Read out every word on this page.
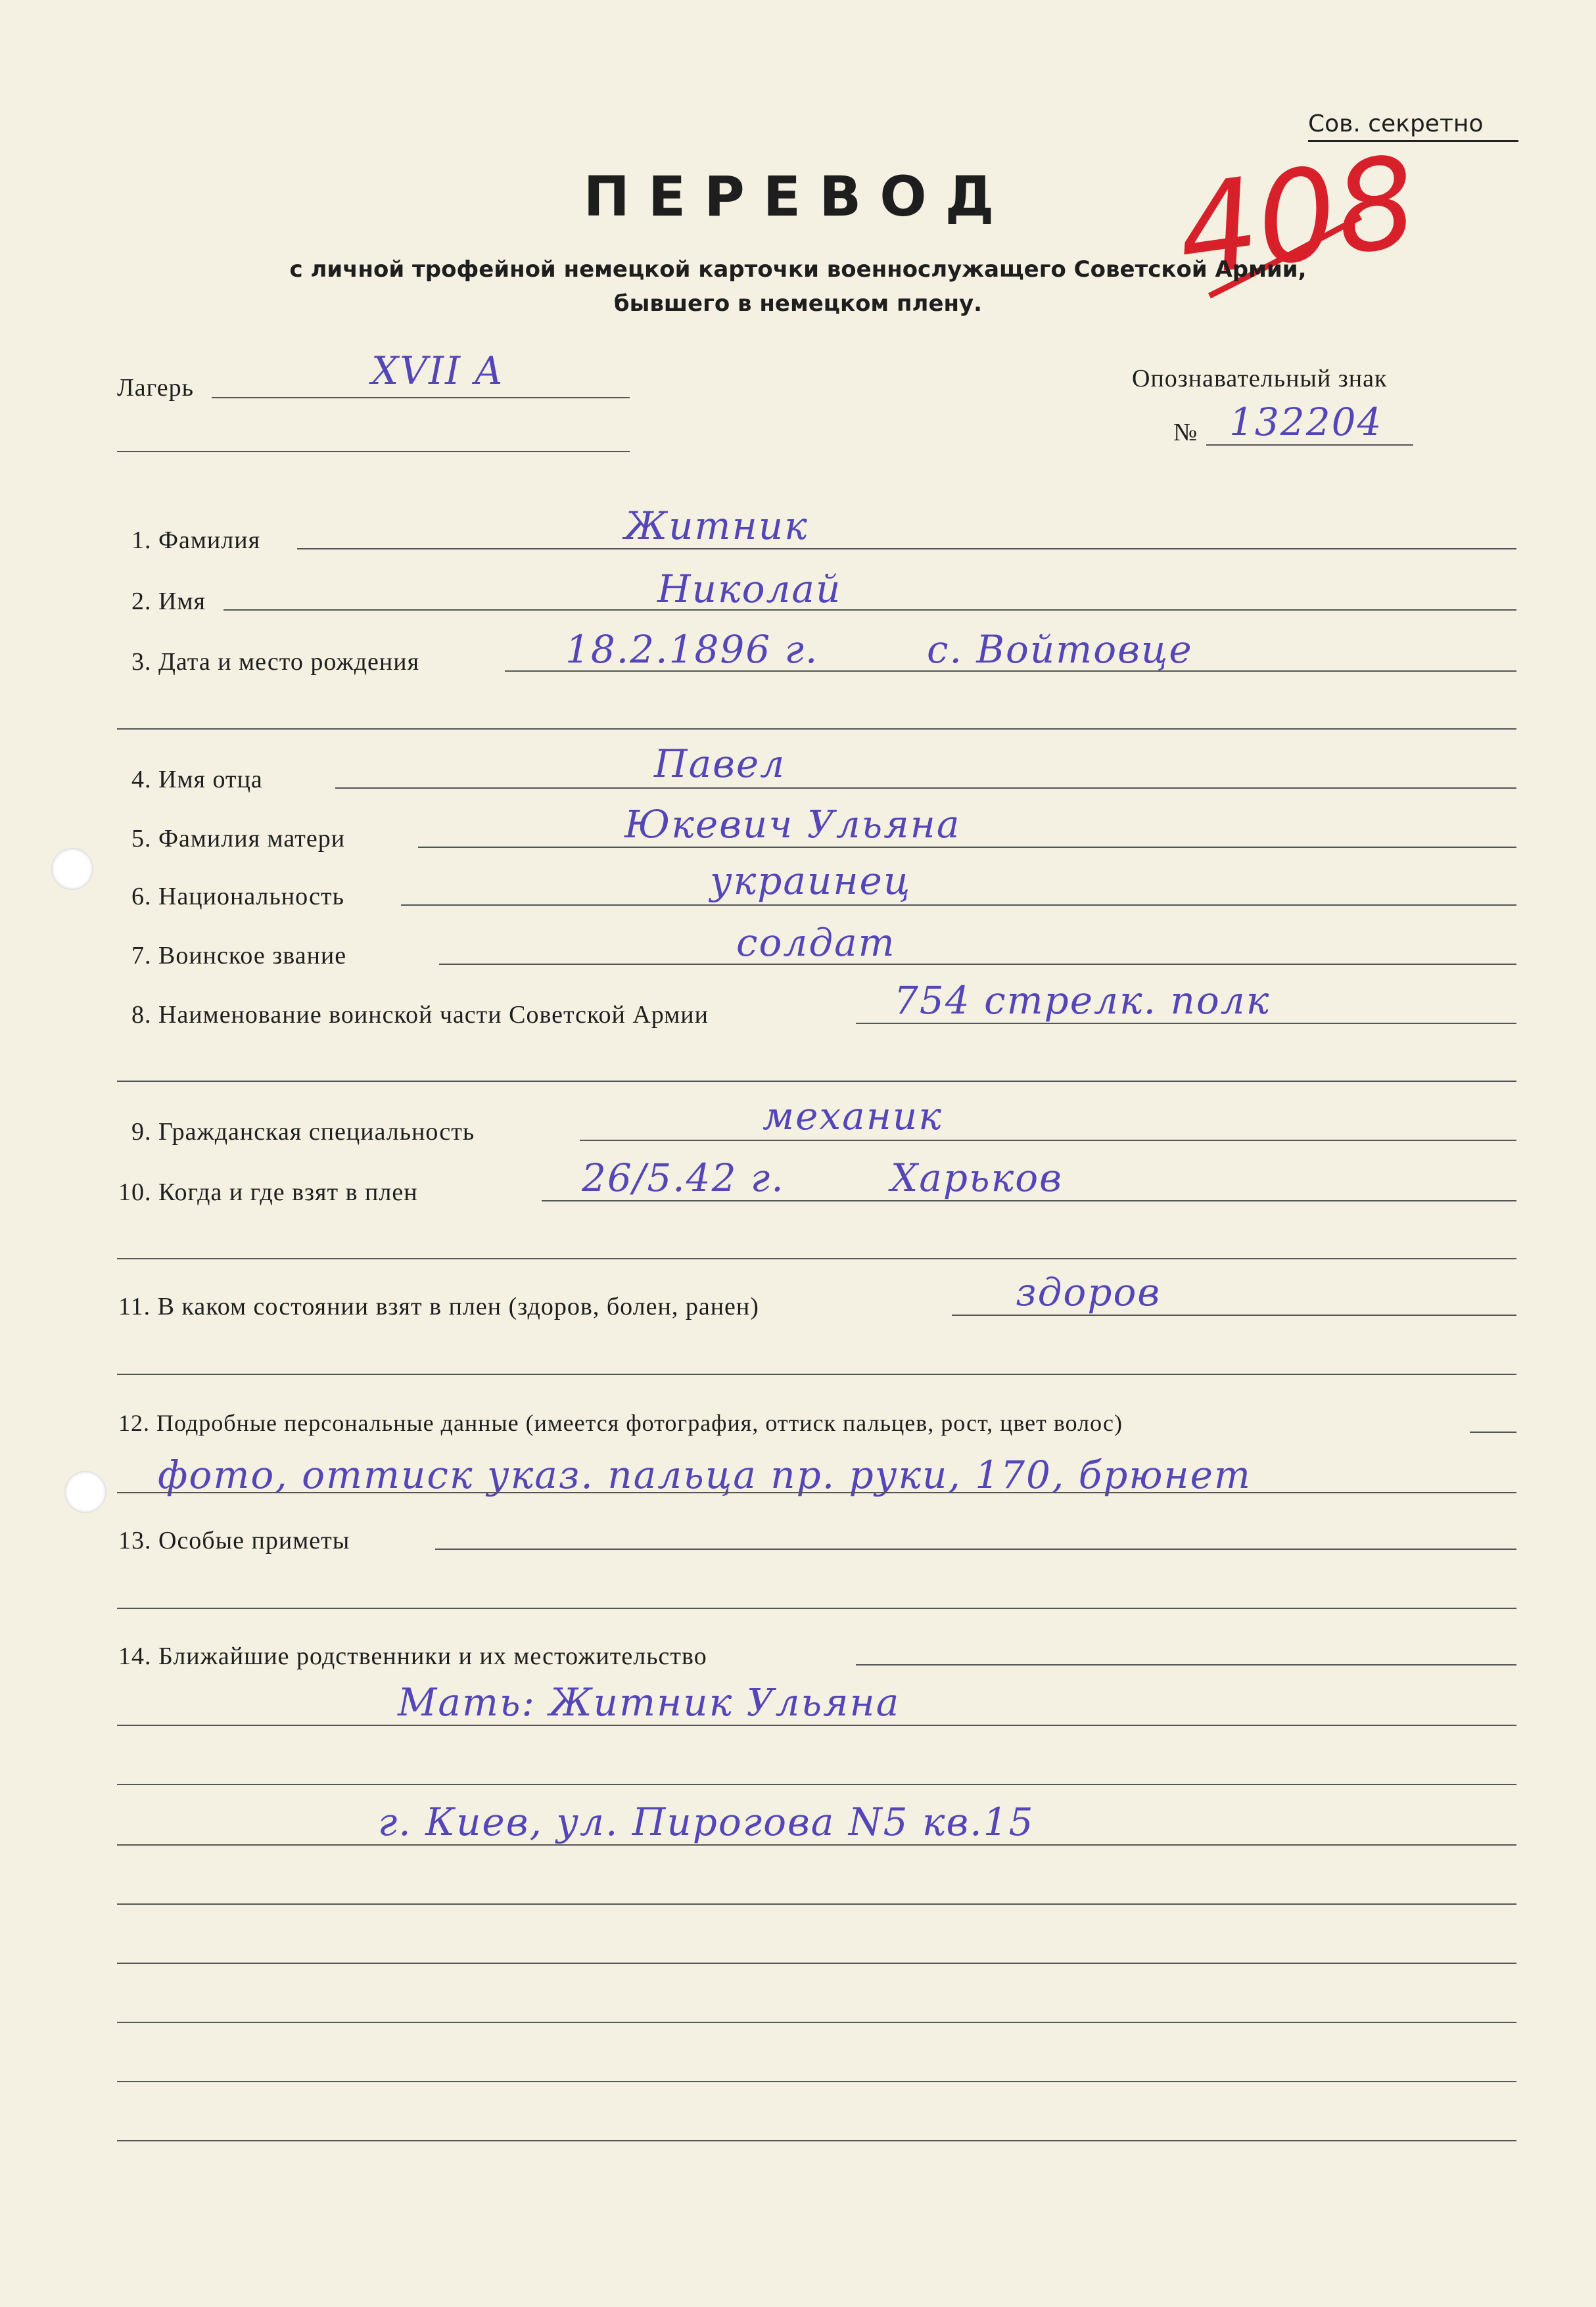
Сов. секретно
408
ПЕРЕВОД
с личной трофейной немецкой карточки военнослужащего Советской Армии,
бывшего в немецком плену.
Лагерь	XVII A	Опознавательный знак
№ 132204
1. Фамилия	Житник
2. Имя	Николай
3. Дата и место рождения	18.2.1896 г.	с. Войтовце
4. Имя отца	Павел
5. Фамилия матери	Юкевич Ульяна
6. Национальность	украинец
7. Воинское звание	солдат
8. Наименование воинской части Советской Армии	754 стрелк. полк
9. Гражданская специальность	механик
10. Когда и где взят в плен	26/5.42 г.	Харьков
11. В каком состоянии взят в плен (здоров, болен, ранен)	здоров
12. Подробные персональные данные (имеется фотография, оттиск пальцев, рост, цвет волос)
фото, оттиск указ. пальца пр. руки, 170, брюнет
13. Особые приметы
14. Ближайшие родственники и их местожительство
Мать: Житник Ульяна
г. Киев, ул. Пирогова N5 кв.15
